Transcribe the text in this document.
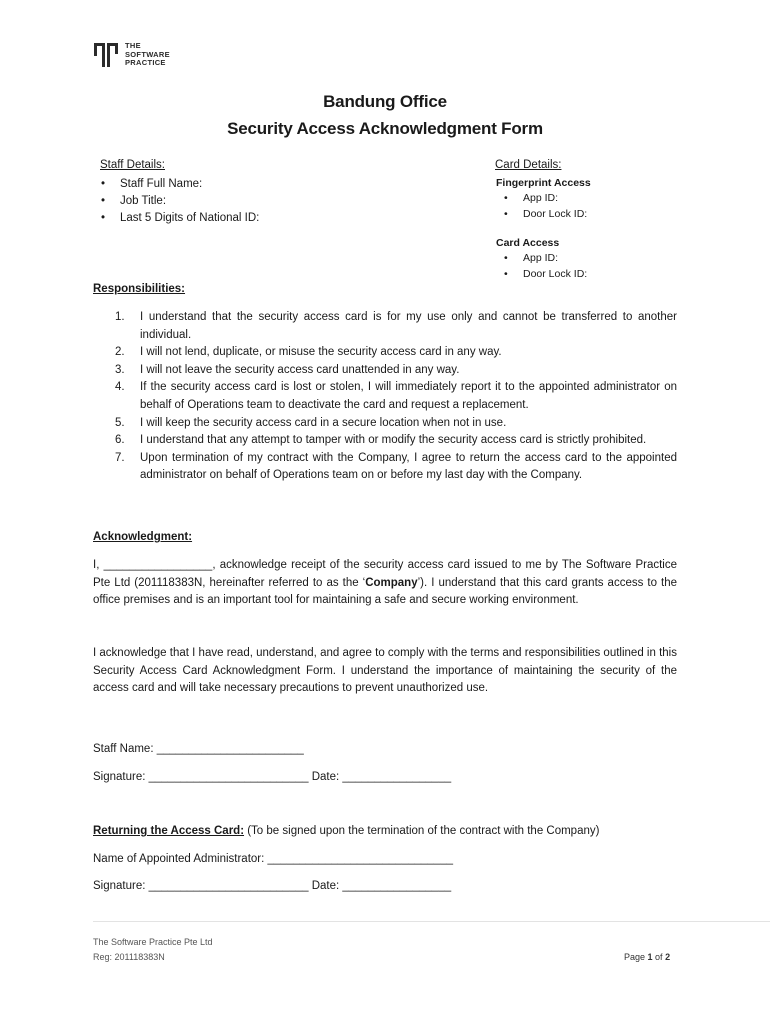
THE
SOFTWARE
PRACTICE
Bandung Office
Security Access Acknowledgment Form
Staff Details:
• Staff Full Name:
• Job Title:
• Last 5 Digits of National ID:
Card Details:
Fingerprint Access
• App ID:
• Door Lock ID:
Card Access
• App ID:
• Door Lock ID:
Responsibilities:
1. I understand that the security access card is for my use only and cannot be transferred to another individual.
2. I will not lend, duplicate, or misuse the security access card in any way.
3. I will not leave the security access card unattended in any way.
4. If the security access card is lost or stolen, I will immediately report it to the appointed administrator on behalf of Operations team to deactivate the card and request a replacement.
5. I will keep the security access card in a secure location when not in use.
6. I understand that any attempt to tamper with or modify the security access card is strictly prohibited.
7. Upon termination of my contract with the Company, I agree to return the access card to the appointed administrator on behalf of Operations team on or before my last day with the Company.
Acknowledgment:

I, _________________, acknowledge receipt of the security access card issued to me by The Software Practice Pte Ltd (201118383N, hereinafter referred to as the ‘Company’). I understand that this card grants access to the office premises and is an important tool for maintaining a safe and secure working environment.

I acknowledge that I have read, understand, and agree to comply with the terms and responsibilities outlined in this Security Access Card Acknowledgment Form. I understand the importance of maintaining the security of the access card and will take necessary precautions to prevent unauthorized use.

Staff Name: _______________________
Signature: _________________________ Date: _________________
Returning the Access Card: (To be signed upon the termination of the contract with the Company)
Name of Appointed Administrator: _____________________________
Signature: _________________________ Date: _________________
The Software Practice Pte Ltd
Reg: 201118383N	Page 1 of 2
